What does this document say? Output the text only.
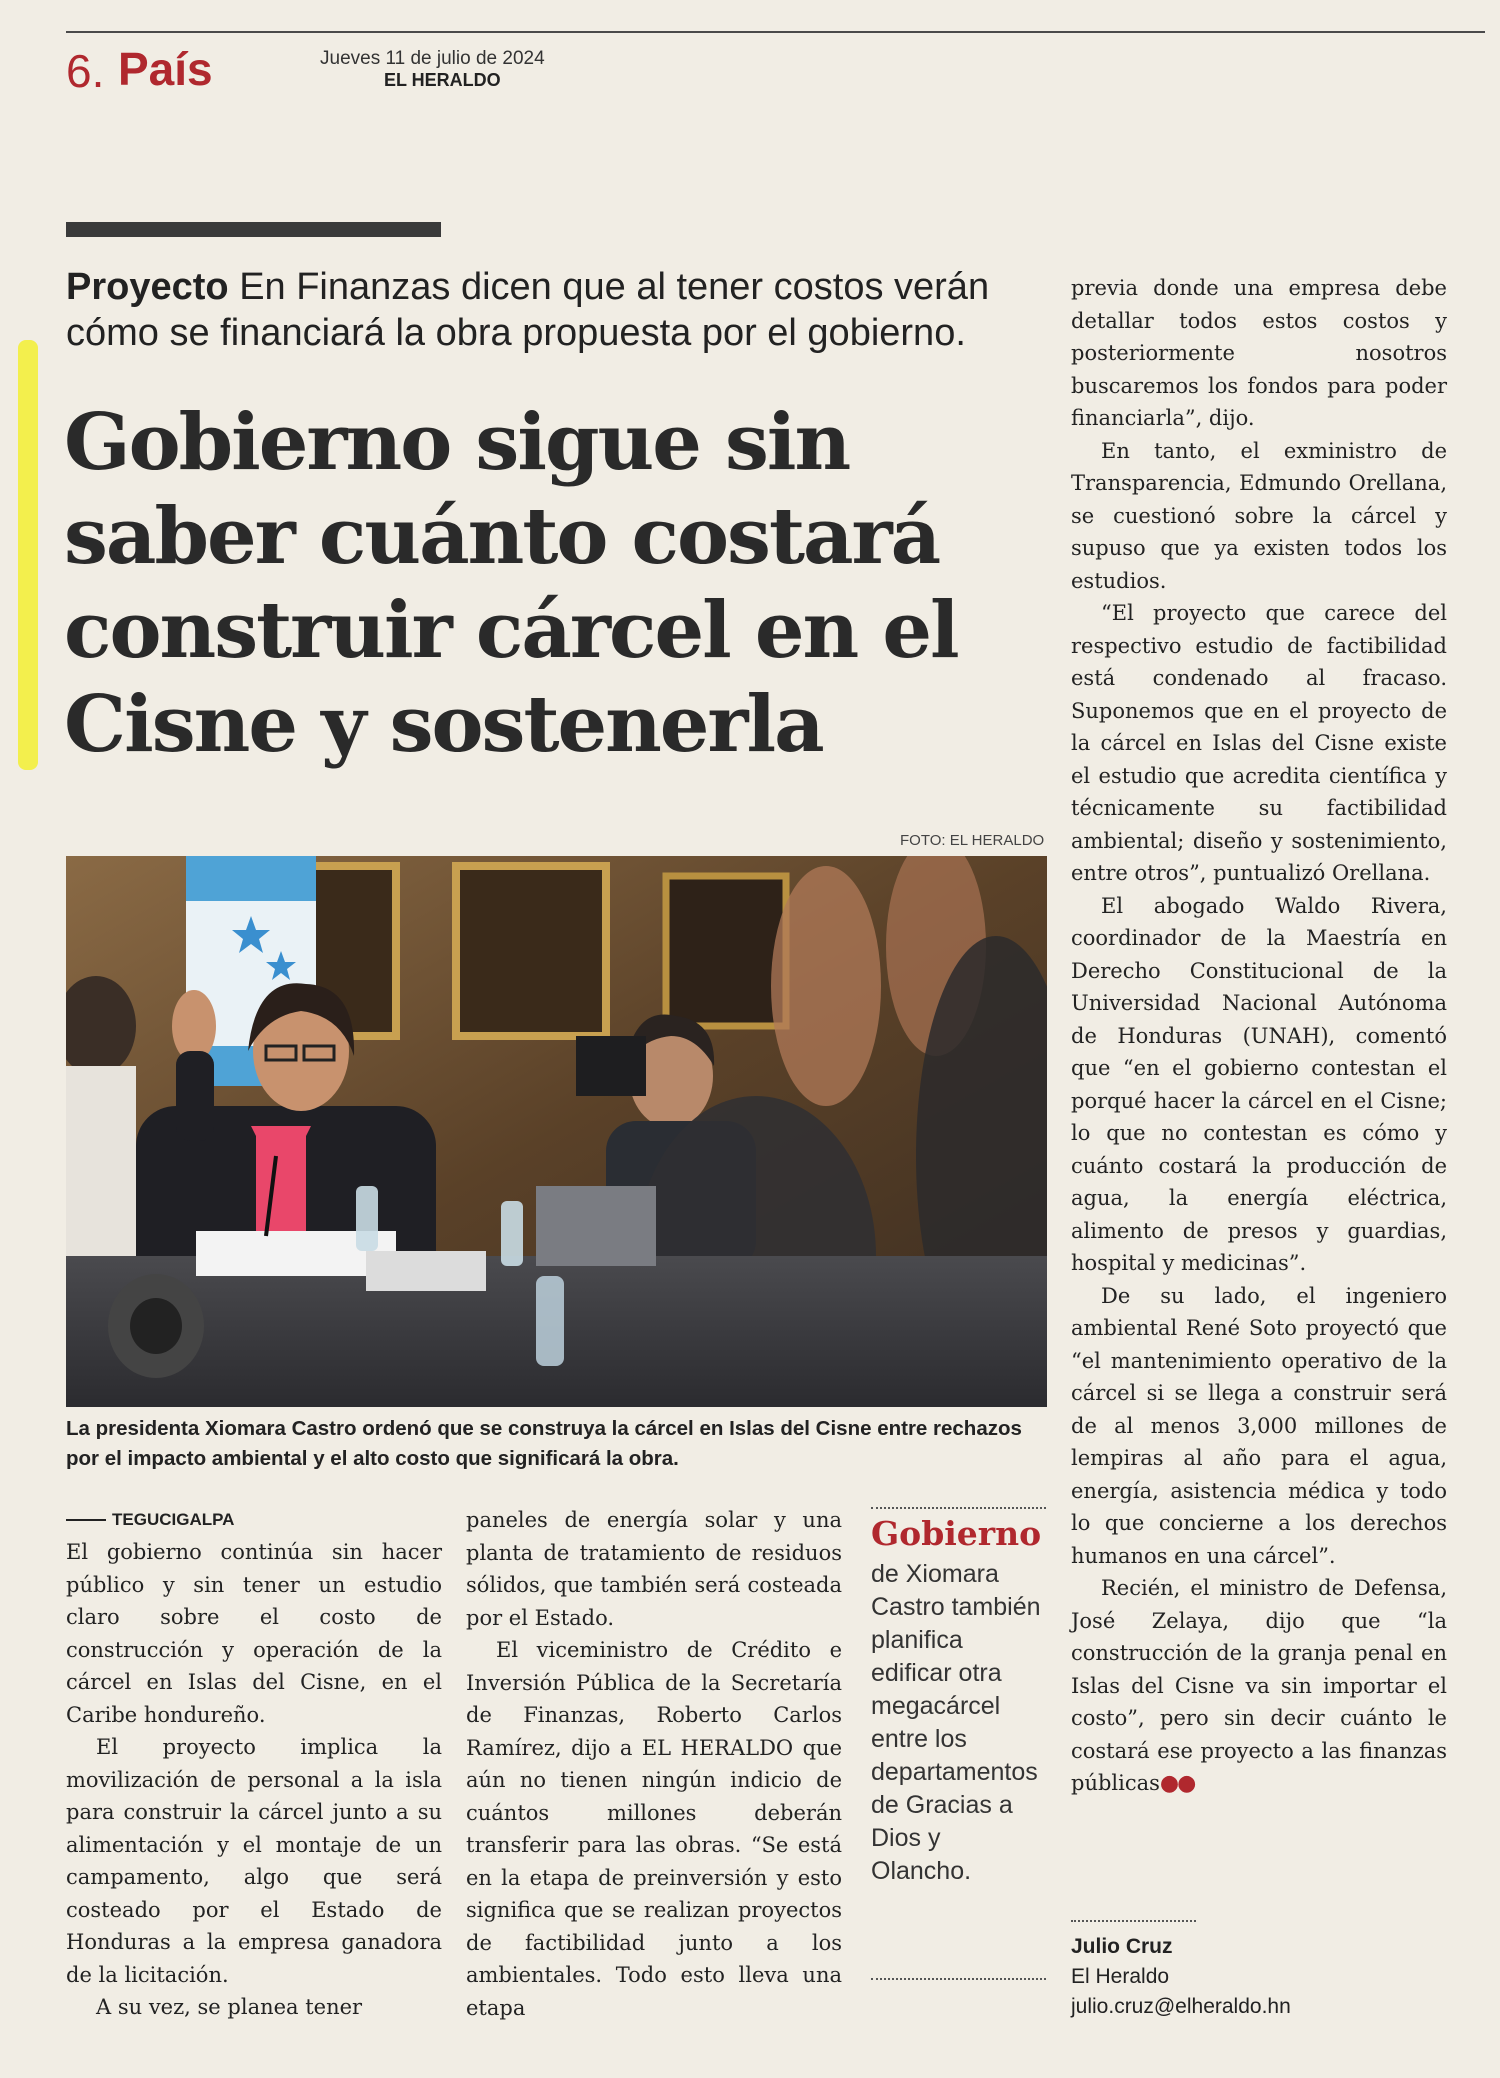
6. País	Jueves 11 de julio de 2024
EL HERALDO
Proyecto En Finanzas dicen que al tener costos verán cómo se financiará la obra propuesta por el gobierno.
Gobierno sigue sin saber cuánto costará construir cárcel en el Cisne y sostenerla
FOTO: EL HERALDO
La presidenta Xiomara Castro ordenó que se construya la cárcel en Islas del Cisne entre rechazos por el impacto ambiental y el alto costo que significará la obra.
TEGUCIGALPA

El gobierno continúa sin hacer público y sin tener un estudio claro sobre el costo de construcción y operación de la cárcel en Islas del Cisne, en el Caribe hondureño.

El proyecto implica la movilización de personal a la isla para construir la cárcel junto a su alimentación y el montaje de un campamento, algo que será costeado por el Estado de Honduras a la empresa ganadora de la licitación.

A su vez, se planea tener

paneles de energía solar y una planta de tratamiento de residuos sólidos, que también será costeada por el Estado.

El viceministro de Crédito e Inversión Pública de la Secretaría de Finanzas, Roberto Carlos Ramírez, dijo a EL HERALDO que aún no tienen ningún indicio de cuántos millones deberán transferir para las obras. “Se está en la etapa de preinversión y esto significa que se realizan proyectos de factibilidad junto a los ambientales. Todo esto lleva una etapa

Gobierno
de Xiomara Castro también planifica edificar otra megacárcel entre los departamentos de Gracias a Dios y Olancho.

previa donde una empresa debe detallar todos estos costos y posteriormente nosotros buscaremos los fondos para poder financiarla”, dijo.

En tanto, el exministro de Transparencia, Edmundo Orellana, se cuestionó sobre la cárcel y supuso que ya existen todos los estudios.

“El proyecto que carece del respectivo estudio de factibilidad está condenado al fracaso. Suponemos que en el proyecto de la cárcel en Islas del Cisne existe el estudio que acredita científica y técnicamente su factibilidad ambiental; diseño y sostenimiento, entre otros”, puntualizó Orellana.

El abogado Waldo Rivera, coordinador de la Maestría en Derecho Constitucional de la Universidad Nacional Autónoma de Honduras (UNAH), comentó que “en el gobierno contestan el porqué hacer la cárcel en el Cisne; lo que no contestan es cómo y cuánto costará la producción de agua, la energía eléctrica, alimento de presos y guardias, hospital y medicinas”.

De su lado, el ingeniero ambiental René Soto proyectó que “el mantenimiento operativo de la cárcel si se llega a construir será de al menos 3,000 millones de lempiras al año para el agua, energía, asistencia médica y todo lo que concierne a los derechos humanos en una cárcel”.

Recién, el ministro de Defensa, José Zelaya, dijo que “la construcción de la granja penal en Islas del Cisne va sin importar el costo”, pero sin decir cuánto le costará ese proyecto a las finanzas públicas●●

Julio Cruz
El Heraldo
julio.cruz@elheraldo.hn
